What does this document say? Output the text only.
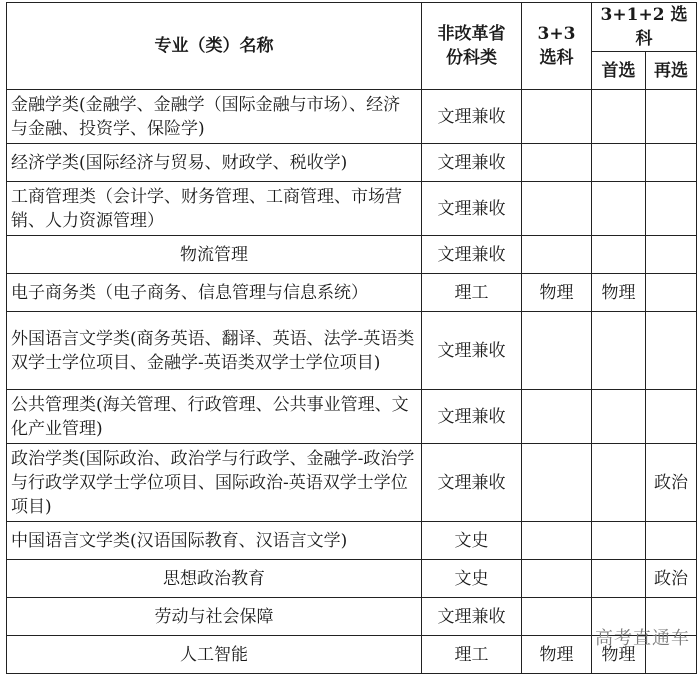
专业（类）名称	非改革省份科类	3+3选科	3+1+2 选科	
			首选	再选
金融学类(金融学、金融学（国际金融与市场）、经济与金融、投资学、保险学)	文理兼收			
经济学类(国际经济与贸易、财政学、税收学)	文理兼收			
工商管理类（会计学、财务管理、工商管理、市场营销、人力资源管理）	文理兼收			
物流管理	文理兼收			
电子商务类（电子商务、信息管理与信息系统）	理工	物理	物理	
外国语言文学类(商务英语、翻译、英语、法学-英语类双学士学位项目、金融学-英语类双学士学位项目)	文理兼收			
公共管理类(海关管理、行政管理、公共事业管理、文化产业管理)	文理兼收			
政治学类(国际政治、政治学与行政学、金融学-政治学与行政学双学士学位项目、国际政治-英语双学士学位项目)	文理兼收			政治
中国语言文学类(汉语国际教育、汉语言文学)	文史			
思想政治教育	文史			政治
劳动与社会保障	文理兼收			
人工智能	理工	物理	物理	
高考直通车
